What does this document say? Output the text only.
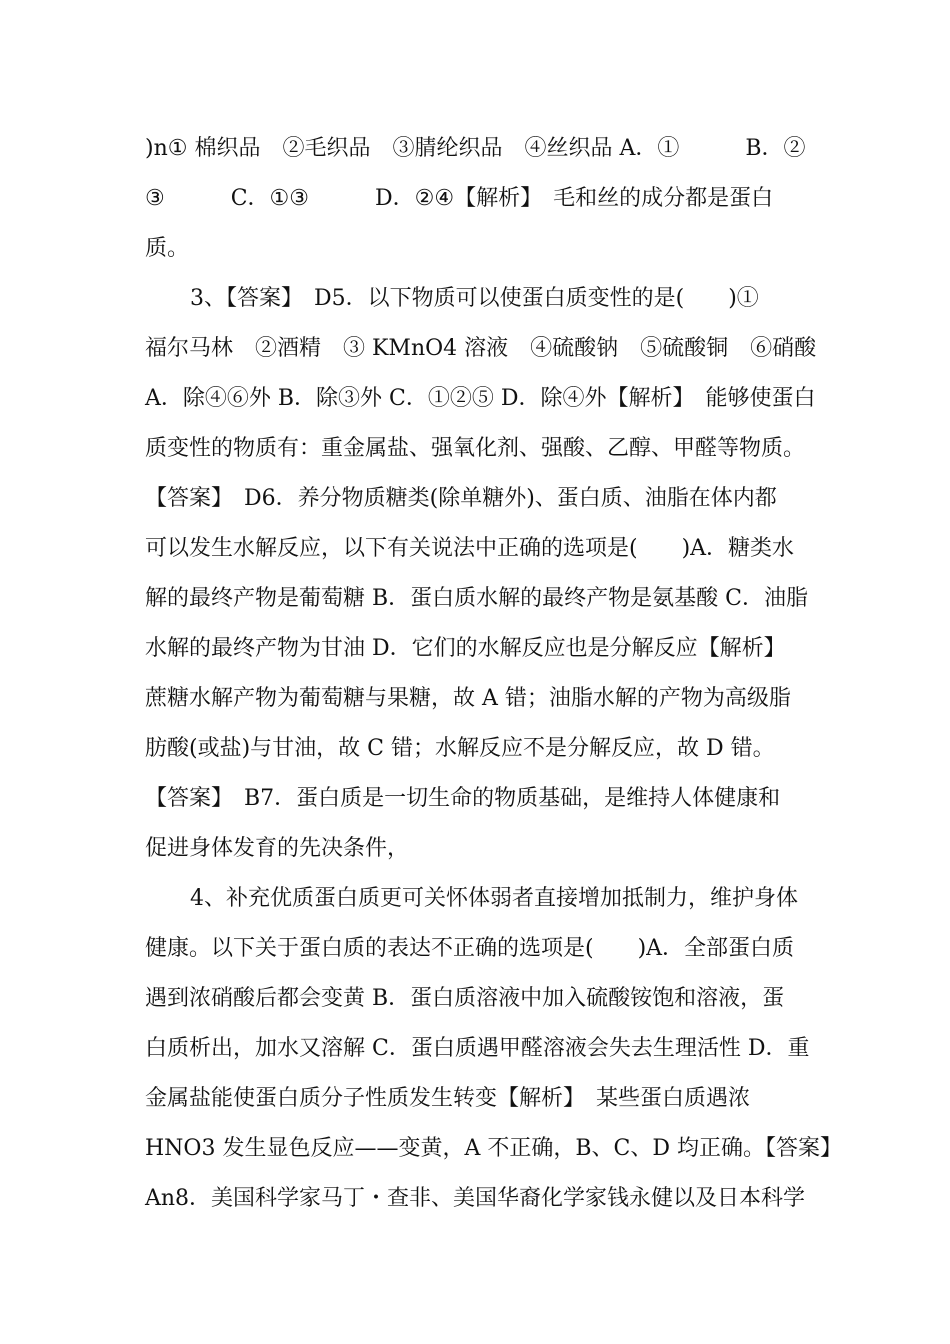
)n① 棉织品　②毛织品　③腈纶织品　④丝织品 A．①　　　B．②
③　　　C．①③　　　D．②④【解析】　毛和丝的成分都是蛋白
质。
3、【答案】　D5．以下物质可以使蛋白质变性的是(　　)①
福尔马林　②酒精　③ KMnO4 溶液　④硫酸钠　⑤硫酸铜　⑥硝酸
A．除④⑥外 B．除③外 C．①②⑤ D．除④外【解析】　能够使蛋白
质变性的物质有：重金属盐、强氧化剂、强酸、乙醇、甲醛等物质。
【答案】　D6．养分物质糖类(除单糖外)、蛋白质、油脂在体内都
可以发生水解反应，以下有关说法中正确的选项是(　　)A．糖类水
解的最终产物是葡萄糖 B．蛋白质水解的最终产物是氨基酸 C．油脂
水解的最终产物为甘油 D．它们的水解反应也是分解反应【解析】
蔗糖水解产物为葡萄糖与果糖，故 A 错；油脂水解的产物为高级脂
肪酸(或盐)与甘油，故 C 错；水解反应不是分解反应，故 D 错。
【答案】　B7．蛋白质是一切生命的物质基础，是维持人体健康和
促进身体发育的先决条件，
4、补充优质蛋白质更可关怀体弱者直接增加抵制力，维护身体
健康。以下关于蛋白质的表达不正确的选项是(　　)A．全部蛋白质
遇到浓硝酸后都会变黄 B．蛋白质溶液中加入硫酸铵饱和溶液，蛋
白质析出，加水又溶解 C．蛋白质遇甲醛溶液会失去生理活性 D．重
金属盐能使蛋白质分子性质发生转变【解析】　某些蛋白质遇浓
HNO3 发生显色反应——变黄，A 不正确，B、C、D 均正确。【答案】
An8．美国科学家马丁・查非、美国华裔化学家钱永健以及日本科学
